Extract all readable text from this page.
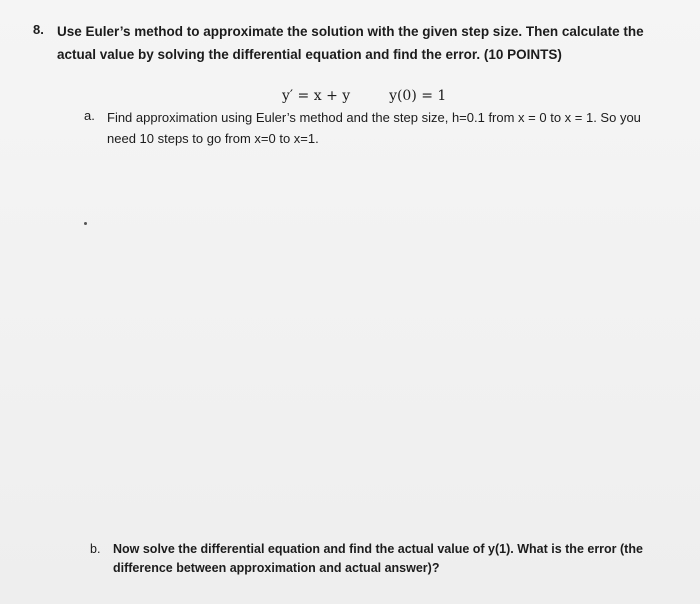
8. Use Euler’s method to approximate the solution with the given step size. Then calculate the actual value by solving the differential equation and find the error. (10 POINTS)
y′ = x + y	y(0) = 1
a. Find approximation using Euler’s method and the step size, h=0.1 from x = 0 to x = 1. So you need 10 steps to go from x=0 to x=1.
b. Now solve the differential equation and find the actual value of y(1). What is the error (the difference between approximation and actual answer)?
